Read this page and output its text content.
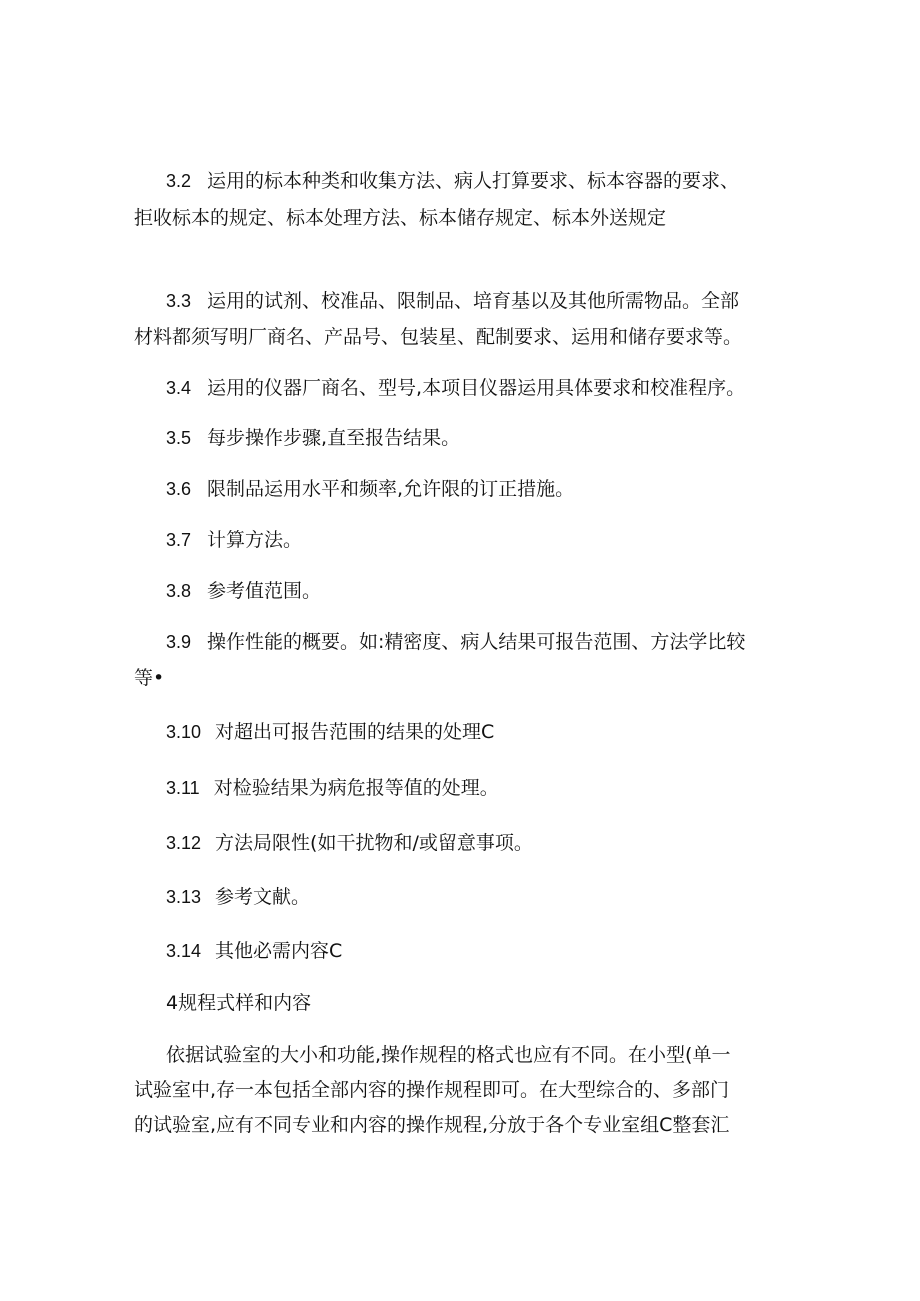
3.2 运用的标本种类和收集方法、病人打算要求、标本容器的要求、
拒收标本的规定、标本处理方法、标本储存规定、标本外送规定
3.3 运用的试剂、校准品、限制品、培育基以及其他所需物品。全部
材料都须写明厂商名、产品号、包装星、配制要求、运用和储存要求等。
3.4 运用的仪器厂商名、型号,本项目仪器运用具体要求和校准程序。
3.5 每步操作步骤,直至报告结果。
3.6 限制品运用水平和频率,允许限的订正措施。
3.7 计算方法。
3.8 参考值范围。
3.9 操作性能的概要。如:精密度、病人结果可报告范围、方法学比较
等•
3.10 对超出可报告范围的结果的处理C
3.11 对检验结果为病危报等值的处理。
3.12 方法局限性(如干扰物和/或留意事项。
3.13 参考文献。
3.14 其他必需内容C
4规程式样和内容
依据试验室的大小和功能,操作规程的格式也应有不同。在小型(单一
试验室中,存一本包括全部内容的操作规程即可。在大型综合的、多部门
的试验室,应有不同专业和内容的操作规程,分放于各个专业室组C整套汇
